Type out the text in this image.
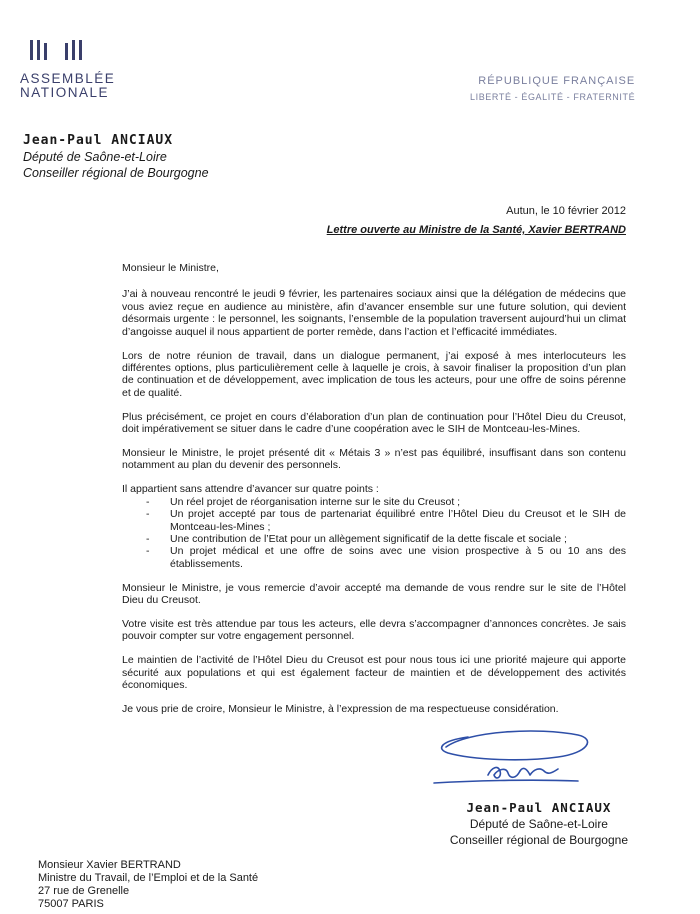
ASSEMBLÉE
NATIONALE
RÉPUBLIQUE FRANÇAISE
LIBERTÉ - ÉGALITÉ - FRATERNITÉ
Jean-Paul ANCIAUX
Député de Saône-et-Loire
Conseiller régional de Bourgogne
Autun, le 10 février 2012
Lettre ouverte au Ministre de la Santé, Xavier BERTRAND

Monsieur le Ministre,

J’ai à nouveau rencontré le jeudi 9 février, les partenaires sociaux ainsi que la délégation de médecins que vous aviez reçue en audience au ministère, afin d’avancer ensemble sur une future solution, qui devient désormais urgente : le personnel, les soignants, l’ensemble de la population traversent aujourd’hui un climat d’angoisse auquel il nous appartient de porter remède, dans l’action et l’efficacité immédiates.

Lors de notre réunion de travail, dans un dialogue permanent, j’ai exposé à mes interlocuteurs les différentes options, plus particulièrement celle à laquelle je crois, à savoir finaliser la proposition d’un plan de continuation et de développement, avec implication de tous les acteurs, pour une offre de soins pérenne et de qualité.

Plus précisément, ce projet en cours d’élaboration d’un plan de continuation pour l’Hôtel Dieu du Creusot, doit impérativement se situer dans le cadre d’une coopération avec le SIH de Montceau-les-Mines.

Monsieur le Ministre, le projet présenté dit « Métais 3 » n’est pas équilibré, insuffisant dans son contenu notamment au plan du devenir des personnels.

Il appartient sans attendre d’avancer sur quatre points :

- Un réel projet de réorganisation interne sur le site du Creusot ;
- Un projet accepté par tous de partenariat équilibré entre l’Hôtel Dieu du Creusot et le SIH de Montceau-les-Mines ;
- Une contribution de l’Etat pour un allègement significatif de la dette fiscale et sociale ;
- Un projet médical et une offre de soins avec une vision prospective à 5 ou 10 ans des établissements.

Monsieur le Ministre, je vous remercie d’avoir accepté ma demande de vous rendre sur le site de l’Hôtel Dieu du Creusot.

Votre visite est très attendue par tous les acteurs, elle devra s’accompagner d’annonces concrètes. Je sais pouvoir compter sur votre engagement personnel.

Le maintien de l’activité de l’Hôtel Dieu du Creusot est pour nous tous ici une priorité majeure qui apporte sécurité aux populations et qui est également facteur de maintien et de développement des activités économiques.

Je vous prie de croire, Monsieur le Ministre, à l’expression de ma respectueuse considération.

Jean-Paul ANCIAUX
Député de Saône-et-Loire
Conseiller régional de Bourgogne
Monsieur Xavier BERTRAND
Ministre du Travail, de l’Emploi et de la Santé
27 rue de Grenelle
75007 PARIS
